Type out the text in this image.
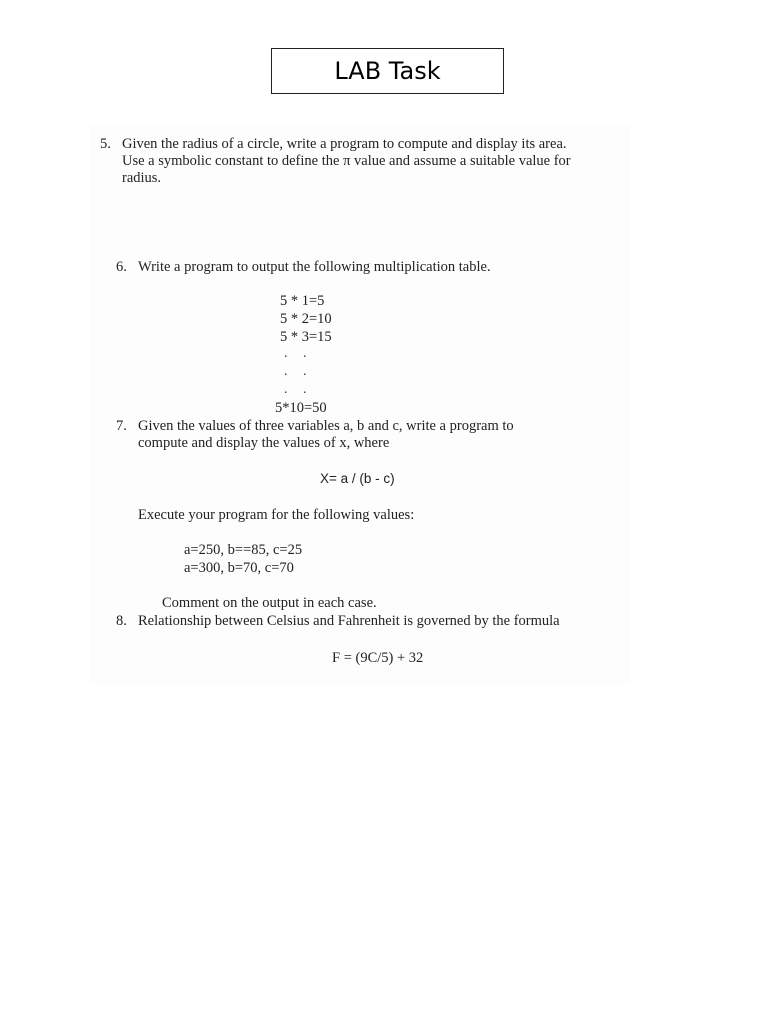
LAB Task
5. Given the radius of a circle, write a program to compute and display its area.
Use a symbolic constant to define the π value and assume a suitable value for
radius.
6. Write a program to output the following multiplication table.
5 * 1=5
5 * 2=10
5 * 3=15
. .
. .
. .
5*10=50
7. Given the values of three variables a, b and c, write a program to
compute and display the values of x, where
X= a / (b - c)
Execute your program for the following values:
a=250, b==85, c=25
a=300, b=70, c=70
Comment on the output in each case.
8. Relationship between Celsius and Fahrenheit is governed by the formula
F = (9C/5) + 32
